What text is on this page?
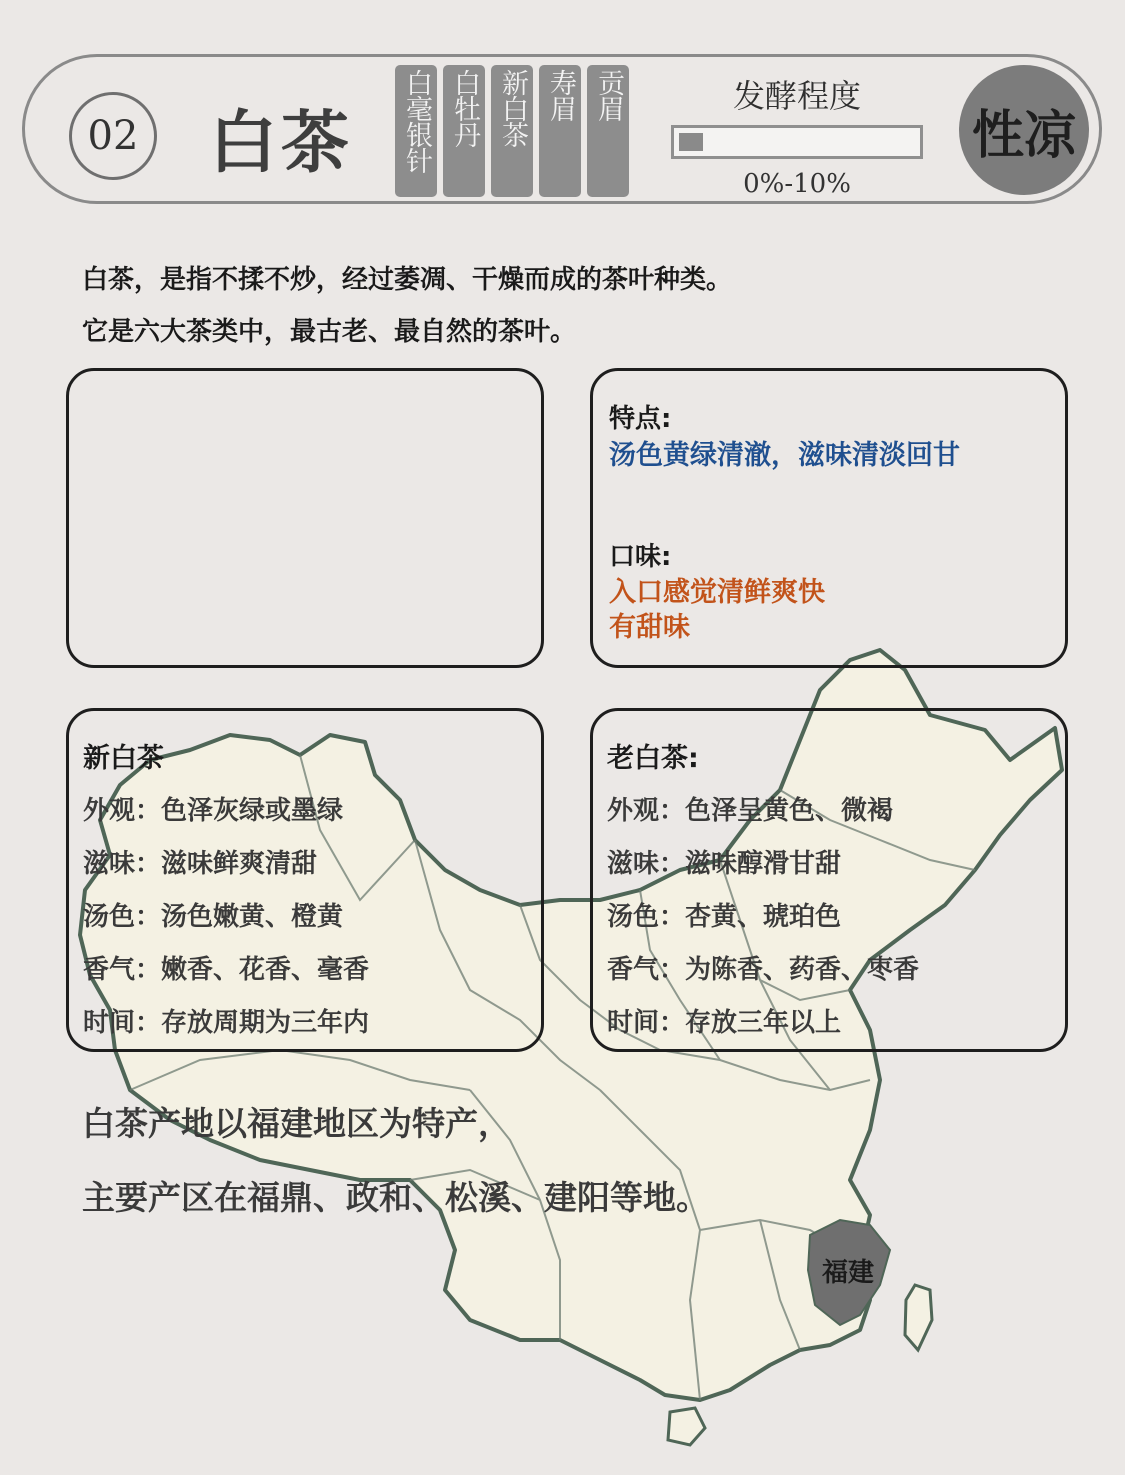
02 白茶 白毫银针 白牡丹 新白茶 寿眉 贡眉	发酵程度
0%-10%
性凉

白茶，是指不揉不炒，经过萎凋、干燥而成的茶叶种类。

它是六大茶类中，最古老、最自然的茶叶。

特点:
汤色黄绿清澈，滋味清淡回甘
口味:
入口感觉清鲜爽快
有甜味
新白茶
外观：色泽灰绿或墨绿
滋味：滋味鲜爽清甜
汤色：汤色嫩黄、橙黄
香气：嫩香、花香、毫香
时间：存放周期为三年内
老白茶:
外观：色泽呈黄色、微褐
滋味：滋味醇滑甘甜
汤色：杏黄、琥珀色
香气：为陈香、药香、枣香
时间：存放三年以上

白茶产地以福建地区为特产，

主要产区在福鼎、政和、松溪、建阳等地。

福建
